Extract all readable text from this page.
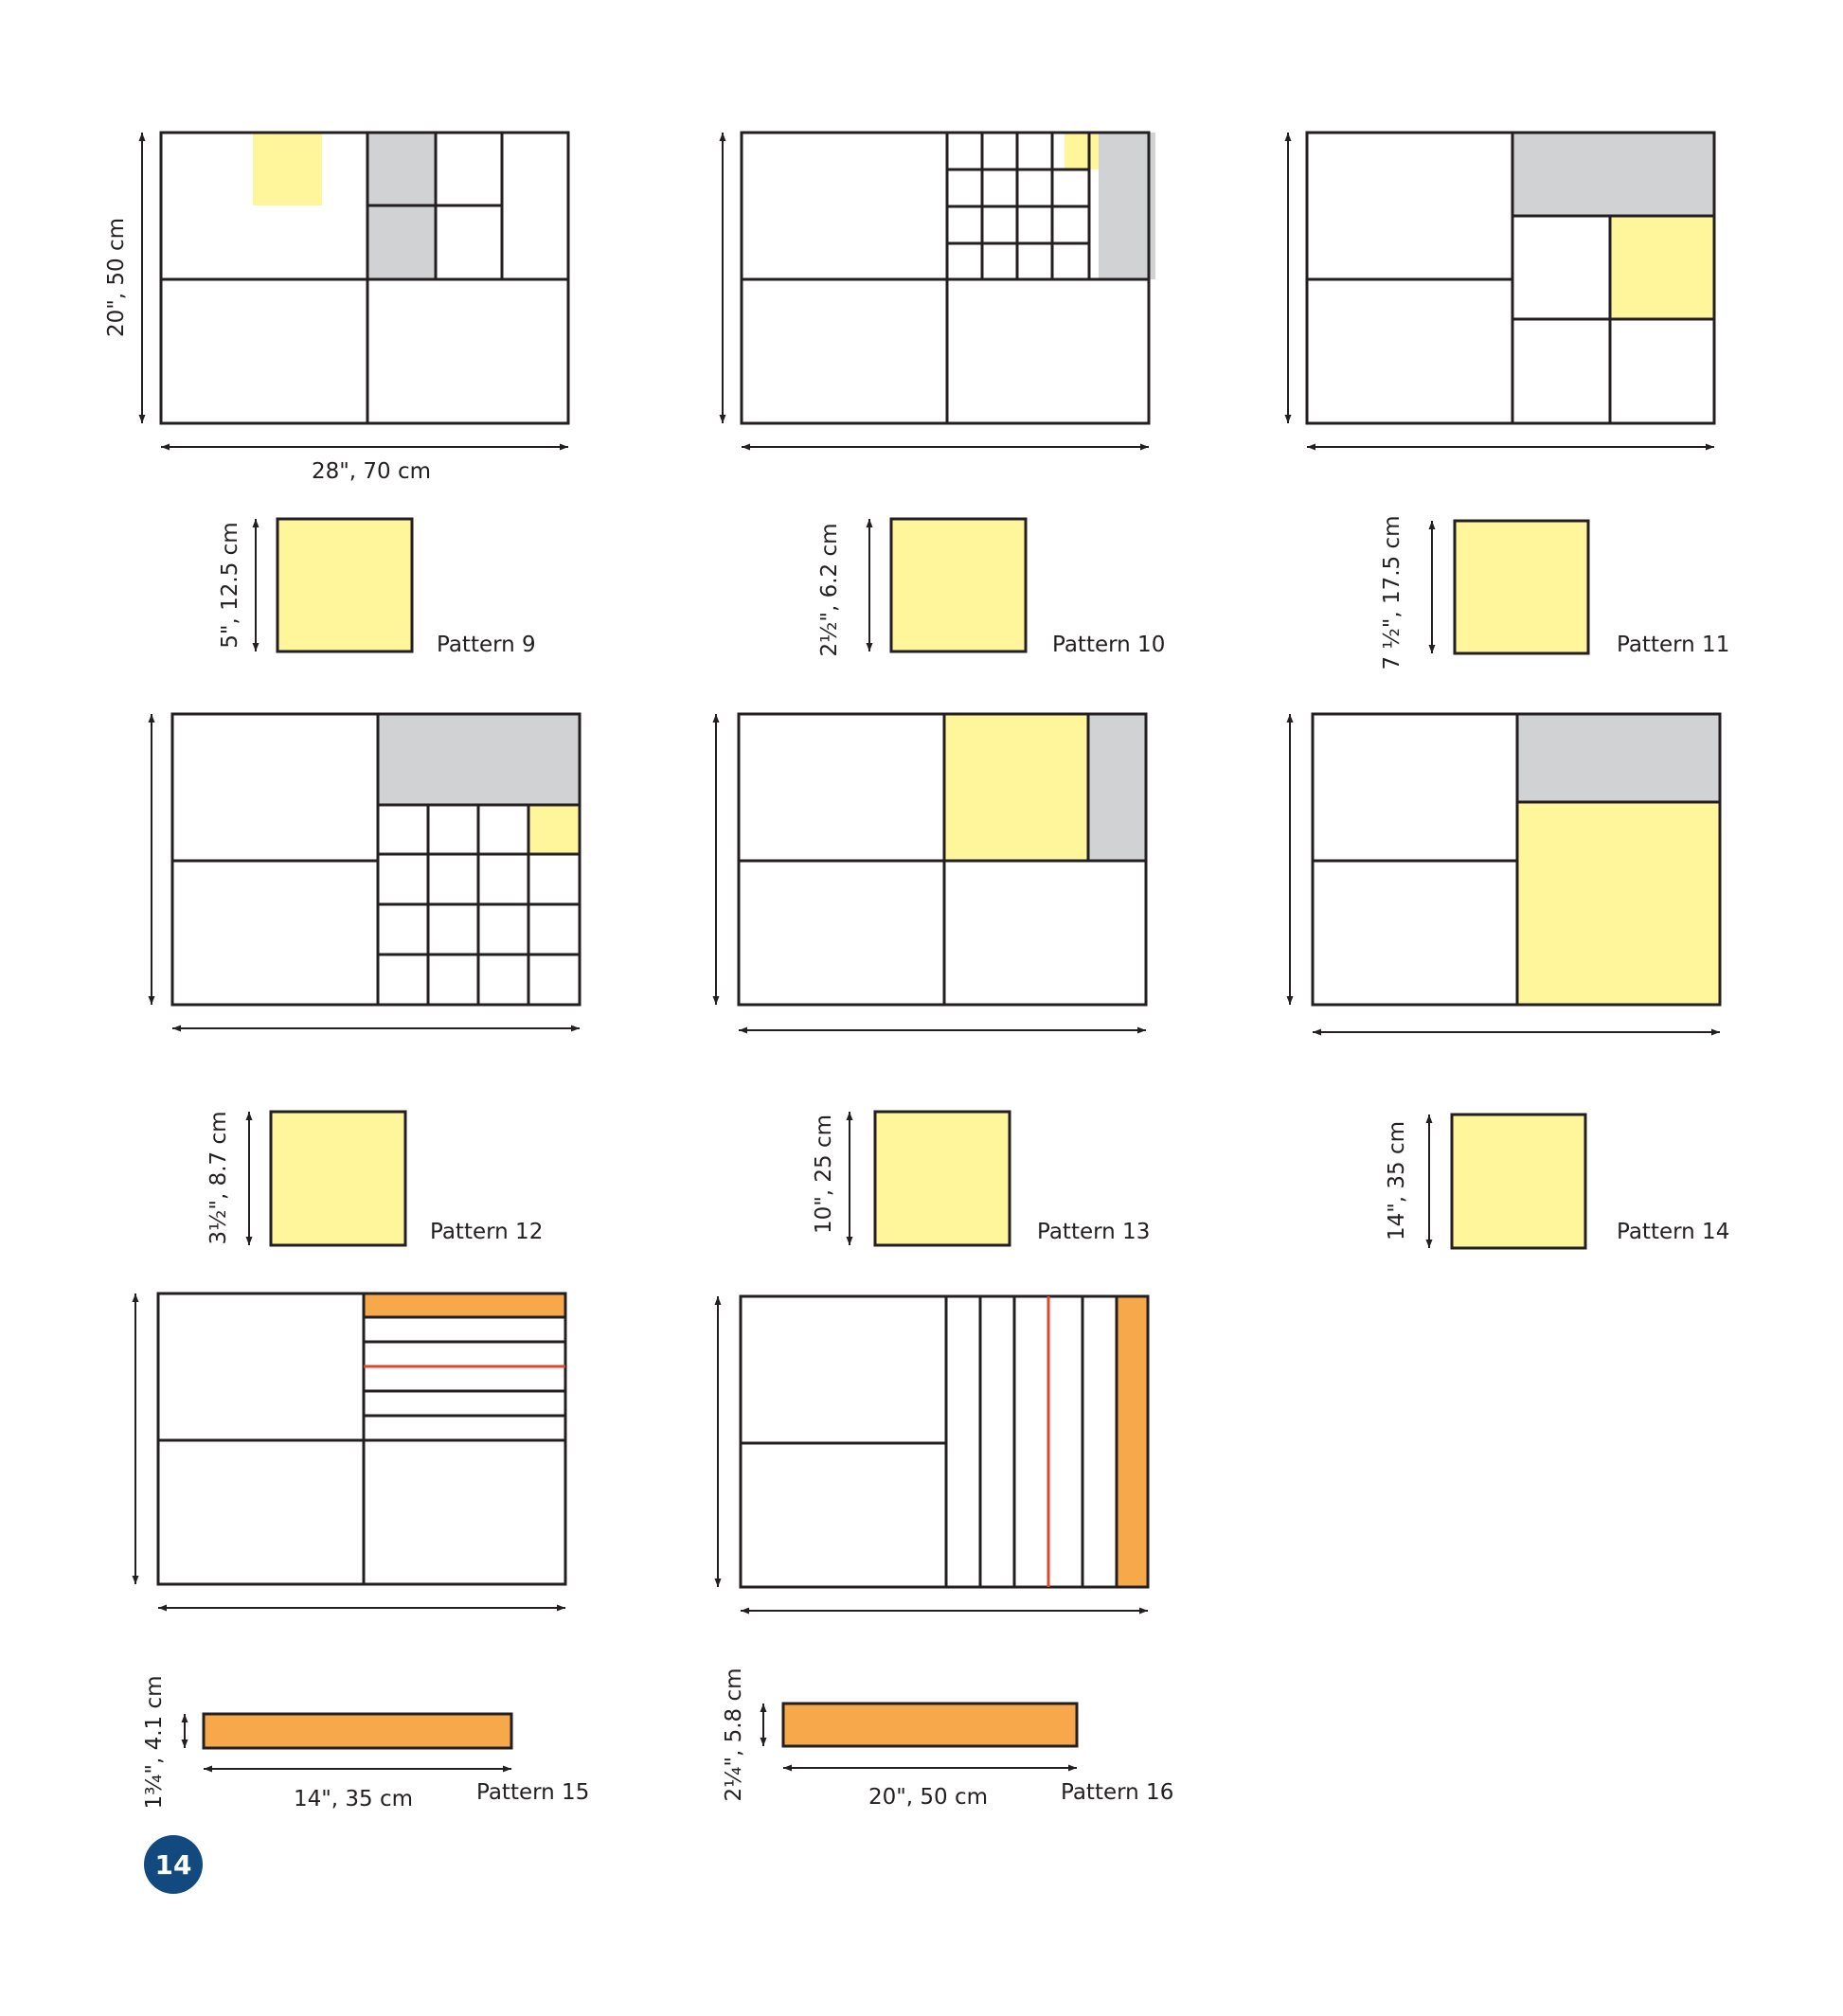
28", 70 cm
20", 50 cm
5", 12.5 cm	Pattern 9	2½", 6.2 cm	Pattern 10	7 ½", 17.5 cm	Pattern 11
3½", 8.7 cm	Pattern 12	10", 25 cm	Pattern 13	14", 35 cm	Pattern 14
1¾", 4.1 cm	14", 35 cm	Pattern 15	2¼", 5.8 cm	20", 50 cm	Pattern 16
14
